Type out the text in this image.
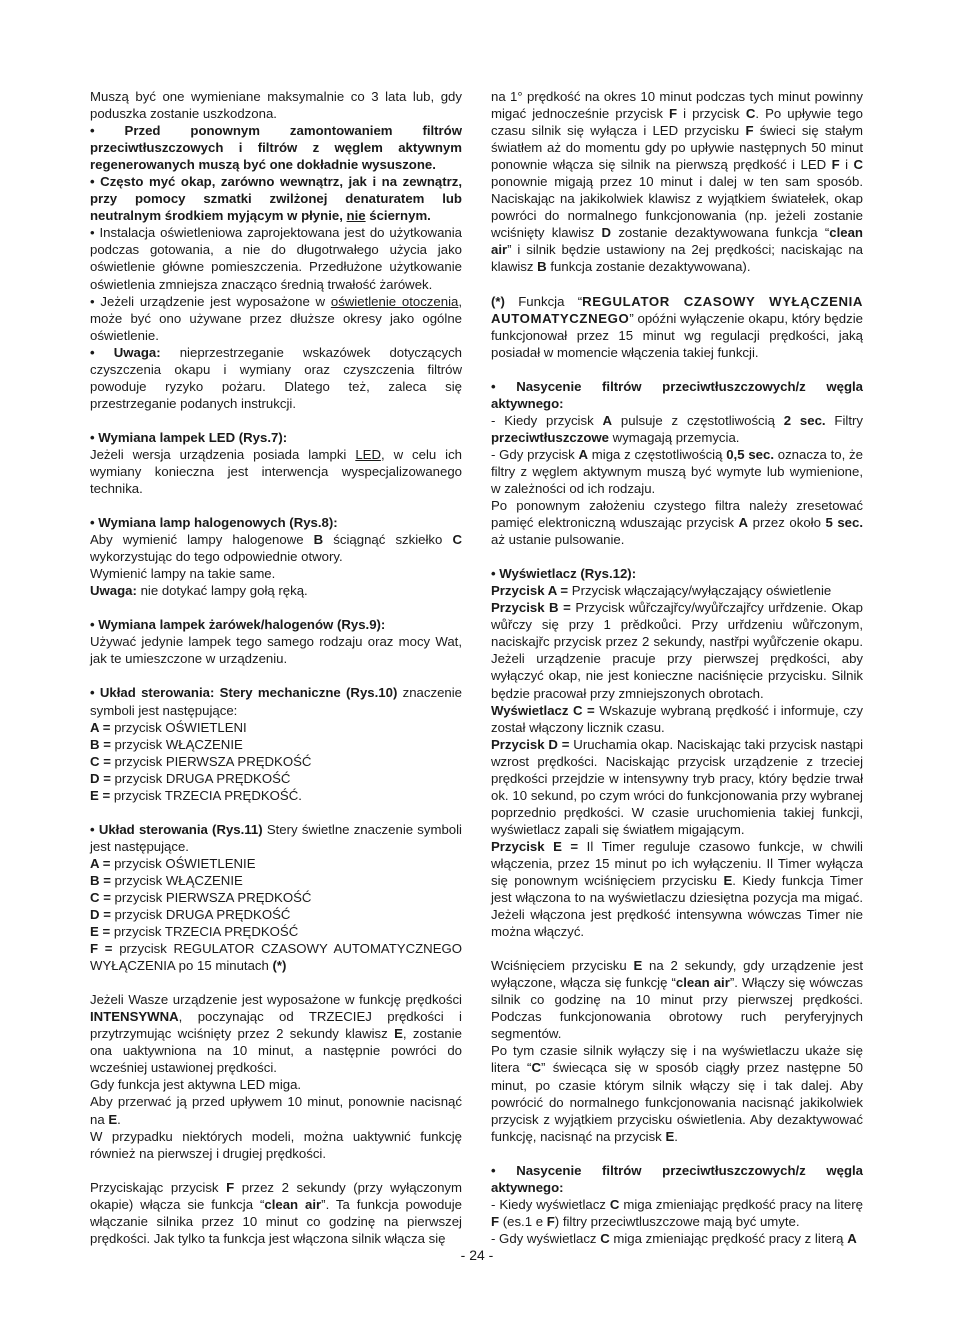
Muszą być one wymieniane maksymalnie co 3 lata lub, gdy poduszka zostanie uszkodzona.

• Przed ponownym zamontowaniem filtrów przeciwtłuszczowych i filtrów z węglem aktywnym regenerowanych muszą być one dokładnie wysuszone.

• Często myć okap, zarówno wewnątrz, jak i na zewnątrz, przy pomocy szmatki zwilżonej denaturatem lub neutralnym środkiem myjącym w płynie, nie ściernym.

• Instalacja oświetleniowa zaprojektowana jest do użytkowania podczas gotowania, a nie do długotrwałego użycia jako oświetlenie główne pomieszczenia. Przedłużone użytkowanie oświetlenia zmniejsza znacząco średnią trwałość żarówek.

• Jeżeli urządzenie jest wyposażone w oświetlenie otoczenia, może być ono używane przez dłuższe okresy jako ogólne oświetlenie.

• Uwaga: nieprzestrzeganie wskazówek dotyczących czyszczenia okapu i wymiany oraz czyszczenia filtrów powoduje ryzyko pożaru. Dlatego też, zaleca się przestrzeganie podanych instrukcji.

• Wymiana lampek LED (Rys.7):

Jeżeli wersja urządzenia posiada lampki LED, w celu ich wymiany konieczna jest interwencja wyspecjalizowanego technika.

• Wymiana lamp halogenowych (Rys.8):

Aby wymienić lampy halogenowe B ściągnąć szkiełko C wykorzystując do tego odpowiednie otwory.

Wymienić lampy na takie same.

Uwaga: nie dotykać lampy gołą ręką.

• Wymiana lampek żarówek/halogenów (Rys.9):

Używać jedynie lampek tego samego rodzaju oraz mocy Wat, jak te umieszczone w urządzeniu.

• Układ sterowania: Stery mechaniczne (Rys.10) znaczenie symboli jest następujące:

A = przycisk OŚWIETLENI

B = przycisk WŁĄCZENIE

C = przycisk PIERWSZA PRĘDKOŚĆ

D = przycisk DRUGA PRĘDKOŚĆ

E = przycisk TRZECIA PRĘDKOŚĆ.

• Układ sterowania (Rys.11) Stery świetlne znaczenie symboli jest następujące.

A = przycisk OŚWIETLENIE

B = przycisk WŁĄCZENIE

C = przycisk PIERWSZA PRĘDKOŚĆ

D = przycisk DRUGA PRĘDKOŚĆ

E = przycisk TRZECIA PRĘDKOŚĆ

F = przycisk REGULATOR CZASOWY AUTOMATYCZNEGO WYŁĄCZENIA po 15 minutach (*)

Jeżeli Wasze urządzenie jest wyposażone w funkcję prędkości INTENSYWNA, poczynając od TRZECIEJ prędkości i przytrzymując wciśnięty przez 2 sekundy klawisz E, zostanie ona uaktywniona na 10 minut, a następnie powróci do wcześniej ustawionej prędkości.

Gdy funkcja jest aktywna LED miga.

Aby przerwać ją przed upływem 10 minut, ponownie nacisnąć na E.

W przypadku niektórych modeli, można uaktywnić funkcję również na pierwszej i drugiej prędkości.

Przyciskając przycisk F przez 2 sekundy (przy wyłączonym okapie) włącza sie funkcja “clean air”. Ta funkcja powoduje włączanie silnika przez 10 minut co godzinę na pierwszej prędkości. Jak tylko ta funkcja jest włączona silnik włącza się

na 1° prędkość na okres 10 minut podczas tych minut powinny migać jednocześnie przycisk F i przycisk C. Po upływie tego czasu silnik się wyłącza i LED przycisku F świeci się stałym światłem aż do momentu gdy po upływie następnych 50 minut ponownie włącza się silnik na pierwszą prędkość i LED F i C ponownie migają przez 10 minut i dalej w ten sam sposób. Naciskając na jakikolwiek klawisz z wyjątkiem światełek, okap powróci do normalnego funkcjonowania (np. jeżeli zostanie wciśnięty klawisz D zostanie dezaktywowana funkcja “clean air” i silnik będzie ustawiony na 2ej prędkości; naciskając na klawisz B funkcja zostanie dezaktywowana).

(*) Funkcja “REGULATOR CZASOWY WYŁĄCZENIA AUTOMATYCZNEGO” opóźni wyłączenie okapu, który będzie funkcjonował przez 15 minut wg regulacji prędkości, jaką posiadał w momencie włączenia takiej funkcji.

• Nasycenie filtrów przeciwtłuszczowych/z węgla aktywnego:

- Kiedy przycisk A pulsuje z częstotliwością 2 sec. Filtry przeciwtłuszczowe wymagają przemycia.

- Gdy przycisk A miga z częstotliwością 0,5 sec. oznacza to, że filtry z węglem aktywnym muszą być wymyte lub wymienione, w zależności od ich rodzaju.

Po ponownym założeniu czystego filtra należy zresetować pamięć elektroniczną wduszając przycisk A przez około 5 sec. aż ustanie pulsowanie.

• Wyświetlacz (Rys.12):

Przycisk A = Przycisk włączający/wyłączający oświetlenie

Przycisk B = Przycisk wůřczajřcy/wyůřczajřcy urřdzenie. Okap wůřczy się przy 1 prědkoůci. Przy urřdzeniu wůřczonym, naciskajřc przycisk przez 2 sekundy, nastřpi wyůřczenie okapu. Jeżeli urządzenie pracuje przy pierwszej prędkości, aby wyłączyć okap, nie jest konieczne naciśnięcie przycisku. Silnik będzie pracował przy zmniejszonych obrotach.

Wyświetlacz C = Wskazuje wybraną prędkość i informuje, czy został włączony licznik czasu.

Przycisk D = Uruchamia okap. Naciskając taki przycisk nastąpi wzrost prędkości. Naciskając przycisk urządzenie z trzeciej prędkości przejdzie w intensywny tryb pracy, który będzie trwał ok. 10 sekund, po czym wróci do funkcjonowania przy wybranej poprzednio prędkości. W czasie uruchomienia takiej funkcji, wyświetlacz zapali się światłem migającym.

Przycisk E = Il Timer reguluje czasowo funkcje, w chwili włączenia, przez 15 minut po ich wyłączeniu. Il Timer wyłącza się ponownym wciśnięciem przycisku E. Kiedy funkcja Timer jest włączona to na wyświetlaczu dziesiętna pozycja ma migać. Jeżeli włączona jest prędkość intensywna wówczas Timer nie można włączyć.

Wciśnięciem przycisku E na 2 sekundy, gdy urządzenie jest wyłączone, włącza się funkcję “clean air”. Włączy się wówczas silnik co godzinę na 10 minut przy pierwszej prędkości. Podczas funkcjonowania obrotowy ruch peryferyjnych segmentów.

Po tym czasie silnik wyłączy się i na wyświetlaczu ukaże się litera “C” świecąca się w sposób ciągły przez następne 50 minut, po czasie którym silnik włączy się i tak dalej. Aby powrócić do normalnego funkcjonowania nacisnąć jakikolwiek przycisk z wyjątkiem przycisku oświetlenia. Aby dezaktywować funkcję, nacisnąć na przycisk E.

• Nasycenie filtrów przeciwtłuszczowych/z węgla aktywnego:

- Kiedy wyświetlacz C miga zmieniając prędkość pracy na literę F (es.1 e F) filtry przeciwtluszczowe mają być umyte.

- Gdy wyświetlacz C miga zmieniając prędkość pracy z literą A

- 24 -
